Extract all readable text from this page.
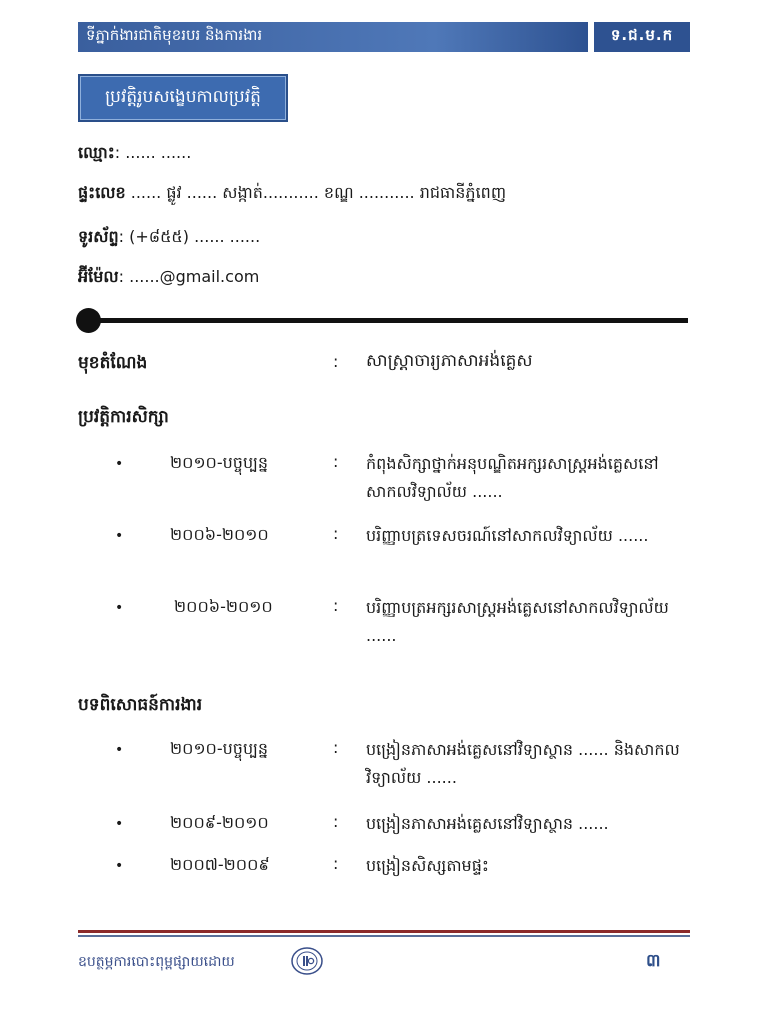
ទីភ្នាក់ងារជាតិមុខរបរ និងការងារ	ទ.ជ.ម.ក
ប្រវត្តិរូបសង្ខេបកាលប្រវត្តិ
ឈ្មោះ: ...... ......
ផ្ទះលេខ ...... ផ្លូវ ...... សង្កាត់........... ខណ្ឌ ........... រាជធានីភ្នំពេញ
ទូរស័ព្ទ: (+៨៥៥) ...... ......
អ៊ីម៉ែល: ......@gmail.com
មុខតំណែង	: សាស្ត្រាចារ្យភាសាអង់គ្លេស
ប្រវត្តិការសិក្សា
•	២០១០-បច្ចុប្បន្ន	: កំពុងសិក្សាថ្នាក់អនុបណ្ឌិតអក្សរសាស្ត្រអង់គ្លេសនៅសាកលវិទ្យាល័យ ......
•	២០០៦-២០១០	: បរិញ្ញាបត្រទេសចរណ៍នៅសាកលវិទ្យាល័យ ......
•	២០០៦-២០១០	: បរិញ្ញាបត្រអក្សរសាស្ត្រអង់គ្លេសនៅសាកលវិទ្យាល័យ ......
បទពិសោធន៍ការងារ
•	២០១០-បច្ចុប្បន្ន	: បង្រៀនភាសាអង់គ្លេសនៅវិទ្យាស្ថាន ...... និងសាកលវិទ្យាល័យ ......
•	២០០៩-២០១០	: បង្រៀនភាសាអង់គ្លេសនៅវិទ្យាស្ថាន ......
•	២០០៧-២០០៩	: បង្រៀនសិស្សតាមផ្ទះ
ឧបត្ថម្ភការបោះពុម្ពផ្សាយដោយ	៣
